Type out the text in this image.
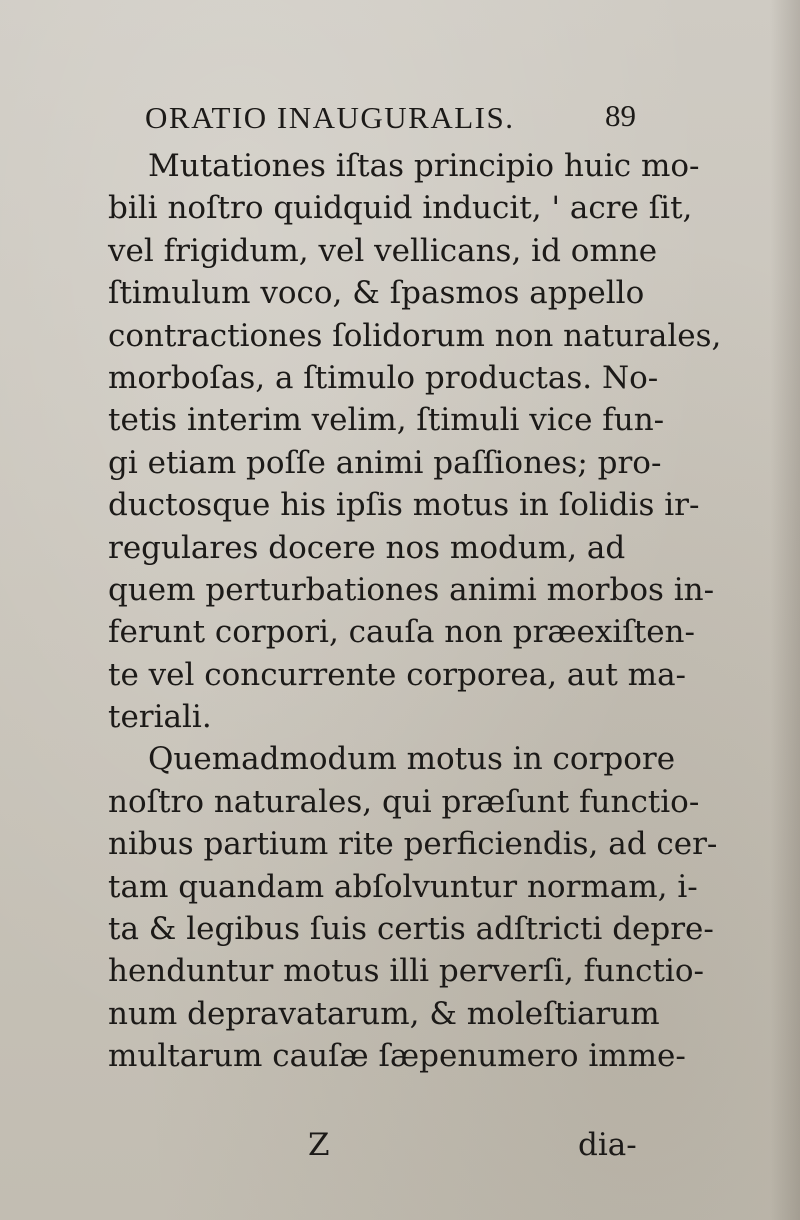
ORATIO INAUGURALIS.	89
Mutationes iſtas principio huic mo-
bili noſtro quidquid inducit, ' acre ſit,
vel frigidum, vel vellicans, id omne
ſtimulum voco, & ſpasmos appello
contractiones ſolidorum non naturales,
morboſas, a ſtimulo productas. No-
tetis interim velim, ſtimuli vice fun-
gi etiam poſſe animi paſſiones; pro-
ductosque his ipſis motus in ſolidis ir-
regulares docere nos modum, ad
quem perturbationes animi morbos in-
ferunt corpori, cauſa non præexiſten-
te vel concurrente corporea, aut ma-
teriali.
Quemadmodum motus in corpore
noſtro naturales, qui præſunt functio-
nibus partium rite perficiendis, ad cer-
tam quandam abſolvuntur normam, i-
ta & legibus ſuis certis adſtricti depre-
henduntur motus illi perverſi, functio-
num depravatarum, & moleſtiarum
multarum cauſæ ſæpenumero imme-
Z	dia-
